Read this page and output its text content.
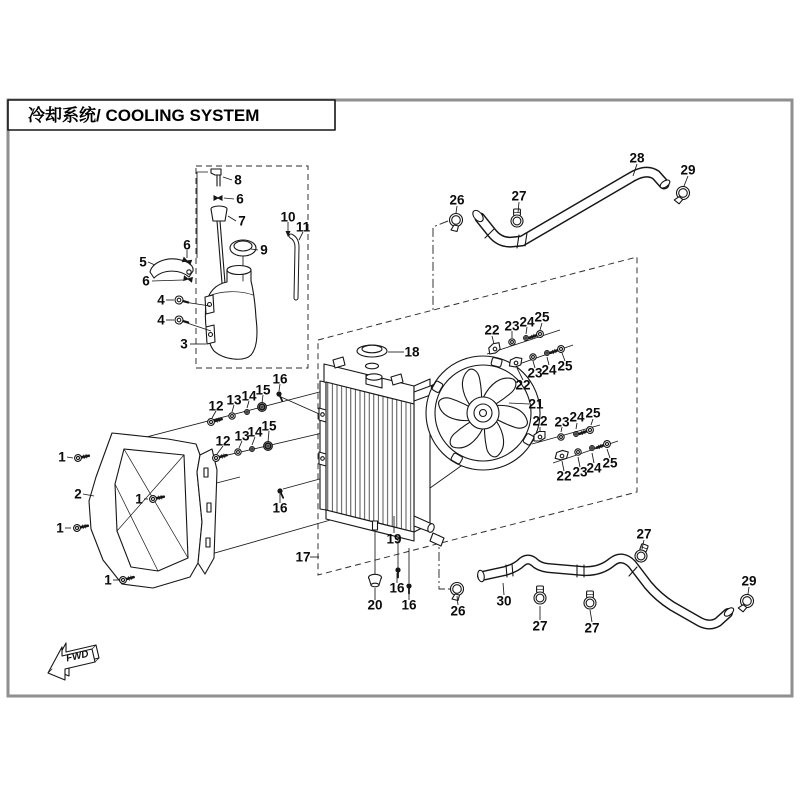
冷却系统/ COOLING SYSTEM
FWD
8
6
7
9
10
11
5
6
6
4
4
3
1
2	1
1
1
12 13 14
15
16
12 13
14
15
18
19
17
16
20
16
16
21
22 23 24 25
22
23
24 25
22 23 24 25
22 23
24 25
26	27
28
29
26
30
27	27
27
29
